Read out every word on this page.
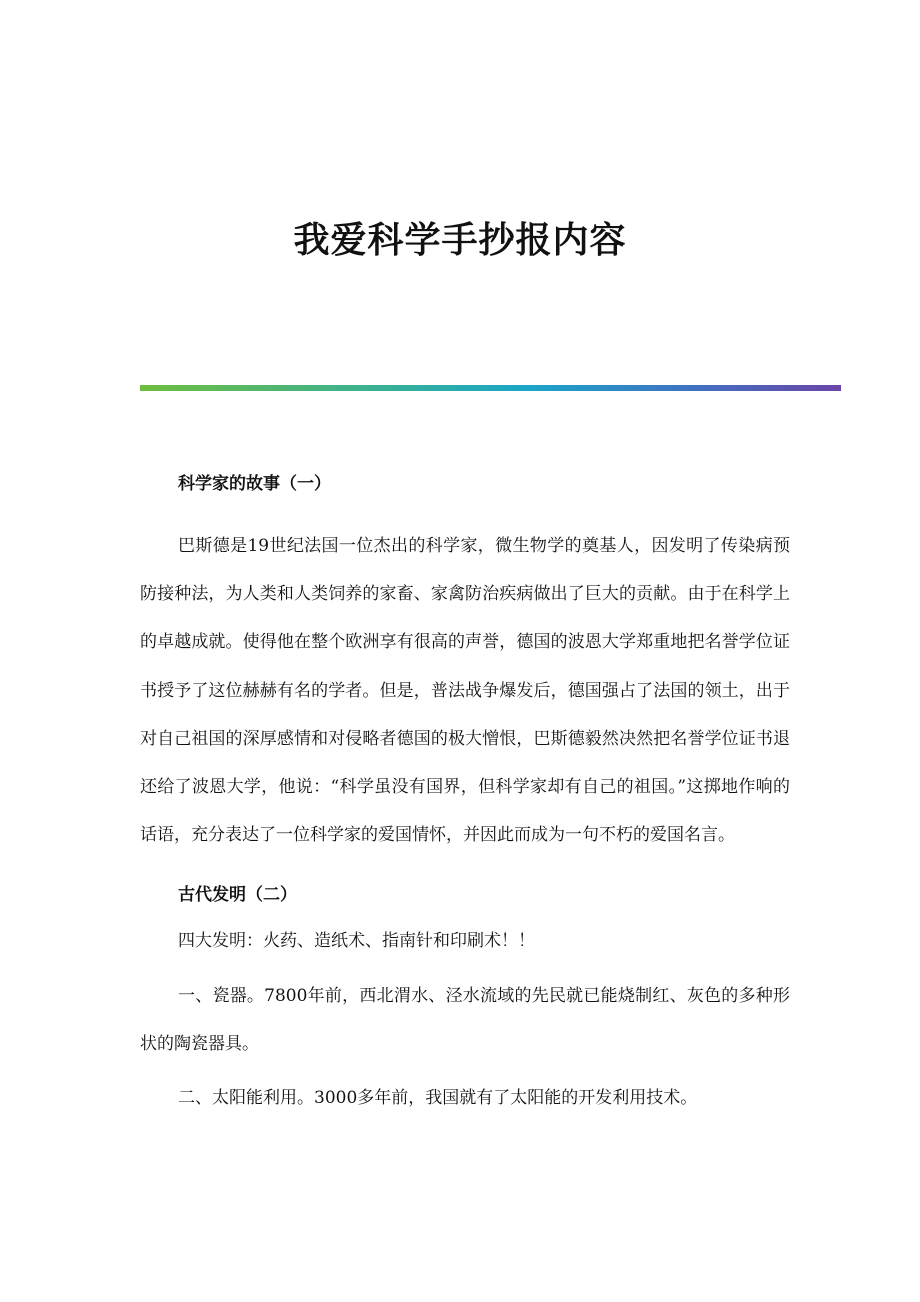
我爱科学手抄报内容

科学家的故事（一）

巴斯德是19世纪法国一位杰出的科学家，微生物学的奠基人，因发明了传染病预防接种法，为人类和人类饲养的家畜、家禽防治疾病做出了巨大的贡献。由于在科学上的卓越成就。使得他在整个欧洲享有很高的声誉，德国的波恩大学郑重地把名誉学位证书授予了这位赫赫有名的学者。但是，普法战争爆发后，德国强占了法国的领土，出于对自己祖国的深厚感情和对侵略者德国的极大憎恨，巴斯德毅然决然把名誉学位证书退还给了波恩大学，他说：“科学虽没有国界，但科学家却有自己的祖国。”这掷地作响的话语，充分表达了一位科学家的爱国情怀，并因此而成为一句不朽的爱国名言。

古代发明（二）

四大发明：火药、造纸术、指南针和印刷术！！

一、瓷器。7800年前，西北渭水、泾水流域的先民就已能烧制红、灰色的多种形状的陶瓷器具。

二、太阳能利用。3000多年前，我国就有了太阳能的开发利用技术。
